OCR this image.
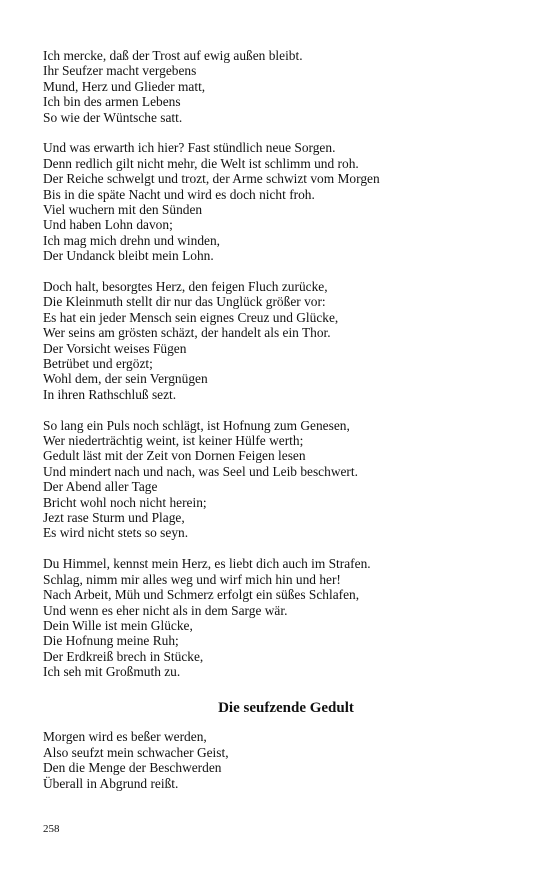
Ich mercke, daß der Trost auf ewig außen bleibt.
Ihr Seufzer macht vergebens
Mund, Herz und Glieder matt,
Ich bin des armen Lebens
So wie der Wüntsche satt.
Und was erwarth ich hier? Fast stündlich neue Sorgen.
Denn redlich gilt nicht mehr, die Welt ist schlimm und roh.
Der Reiche schwelgt und trozt, der Arme schwizt vom Morgen
Bis in die späte Nacht und wird es doch nicht froh.
Viel wuchern mit den Sünden
Und haben Lohn davon;
Ich mag mich drehn und winden,
Der Undanck bleibt mein Lohn.
Doch halt, besorgtes Herz, den feigen Fluch zurücke,
Die Kleinmuth stellt dir nur das Unglück größer vor:
Es hat ein jeder Mensch sein eignes Creuz und Glücke,
Wer seins am grösten schäzt, der handelt als ein Thor.
Der Vorsicht weises Fügen
Betrübet und ergözt;
Wohl dem, der sein Vergnügen
In ihren Rathschluß sezt.
So lang ein Puls noch schlägt, ist Hofnung zum Genesen,
Wer niederträchtig weint, ist keiner Hülfe werth;
Gedult läst mit der Zeit von Dornen Feigen lesen
Und mindert nach und nach, was Seel und Leib beschwert.
Der Abend aller Tage
Bricht wohl noch nicht herein;
Jezt rase Sturm und Plage,
Es wird nicht stets so seyn.
Du Himmel, kennst mein Herz, es liebt dich auch im Strafen.
Schlag, nimm mir alles weg und wirf mich hin und her!
Nach Arbeit, Müh und Schmerz erfolgt ein süßes Schlafen,
Und wenn es eher nicht als in dem Sarge wär.
Dein Wille ist mein Glücke,
Die Hofnung meine Ruh;
Der Erdkreiß brech in Stücke,
Ich seh mit Großmuth zu.
Die seufzende Gedult
Morgen wird es beßer werden,
Also seufzt mein schwacher Geist,
Den die Menge der Beschwerden
Überall in Abgrund reißt.
258
